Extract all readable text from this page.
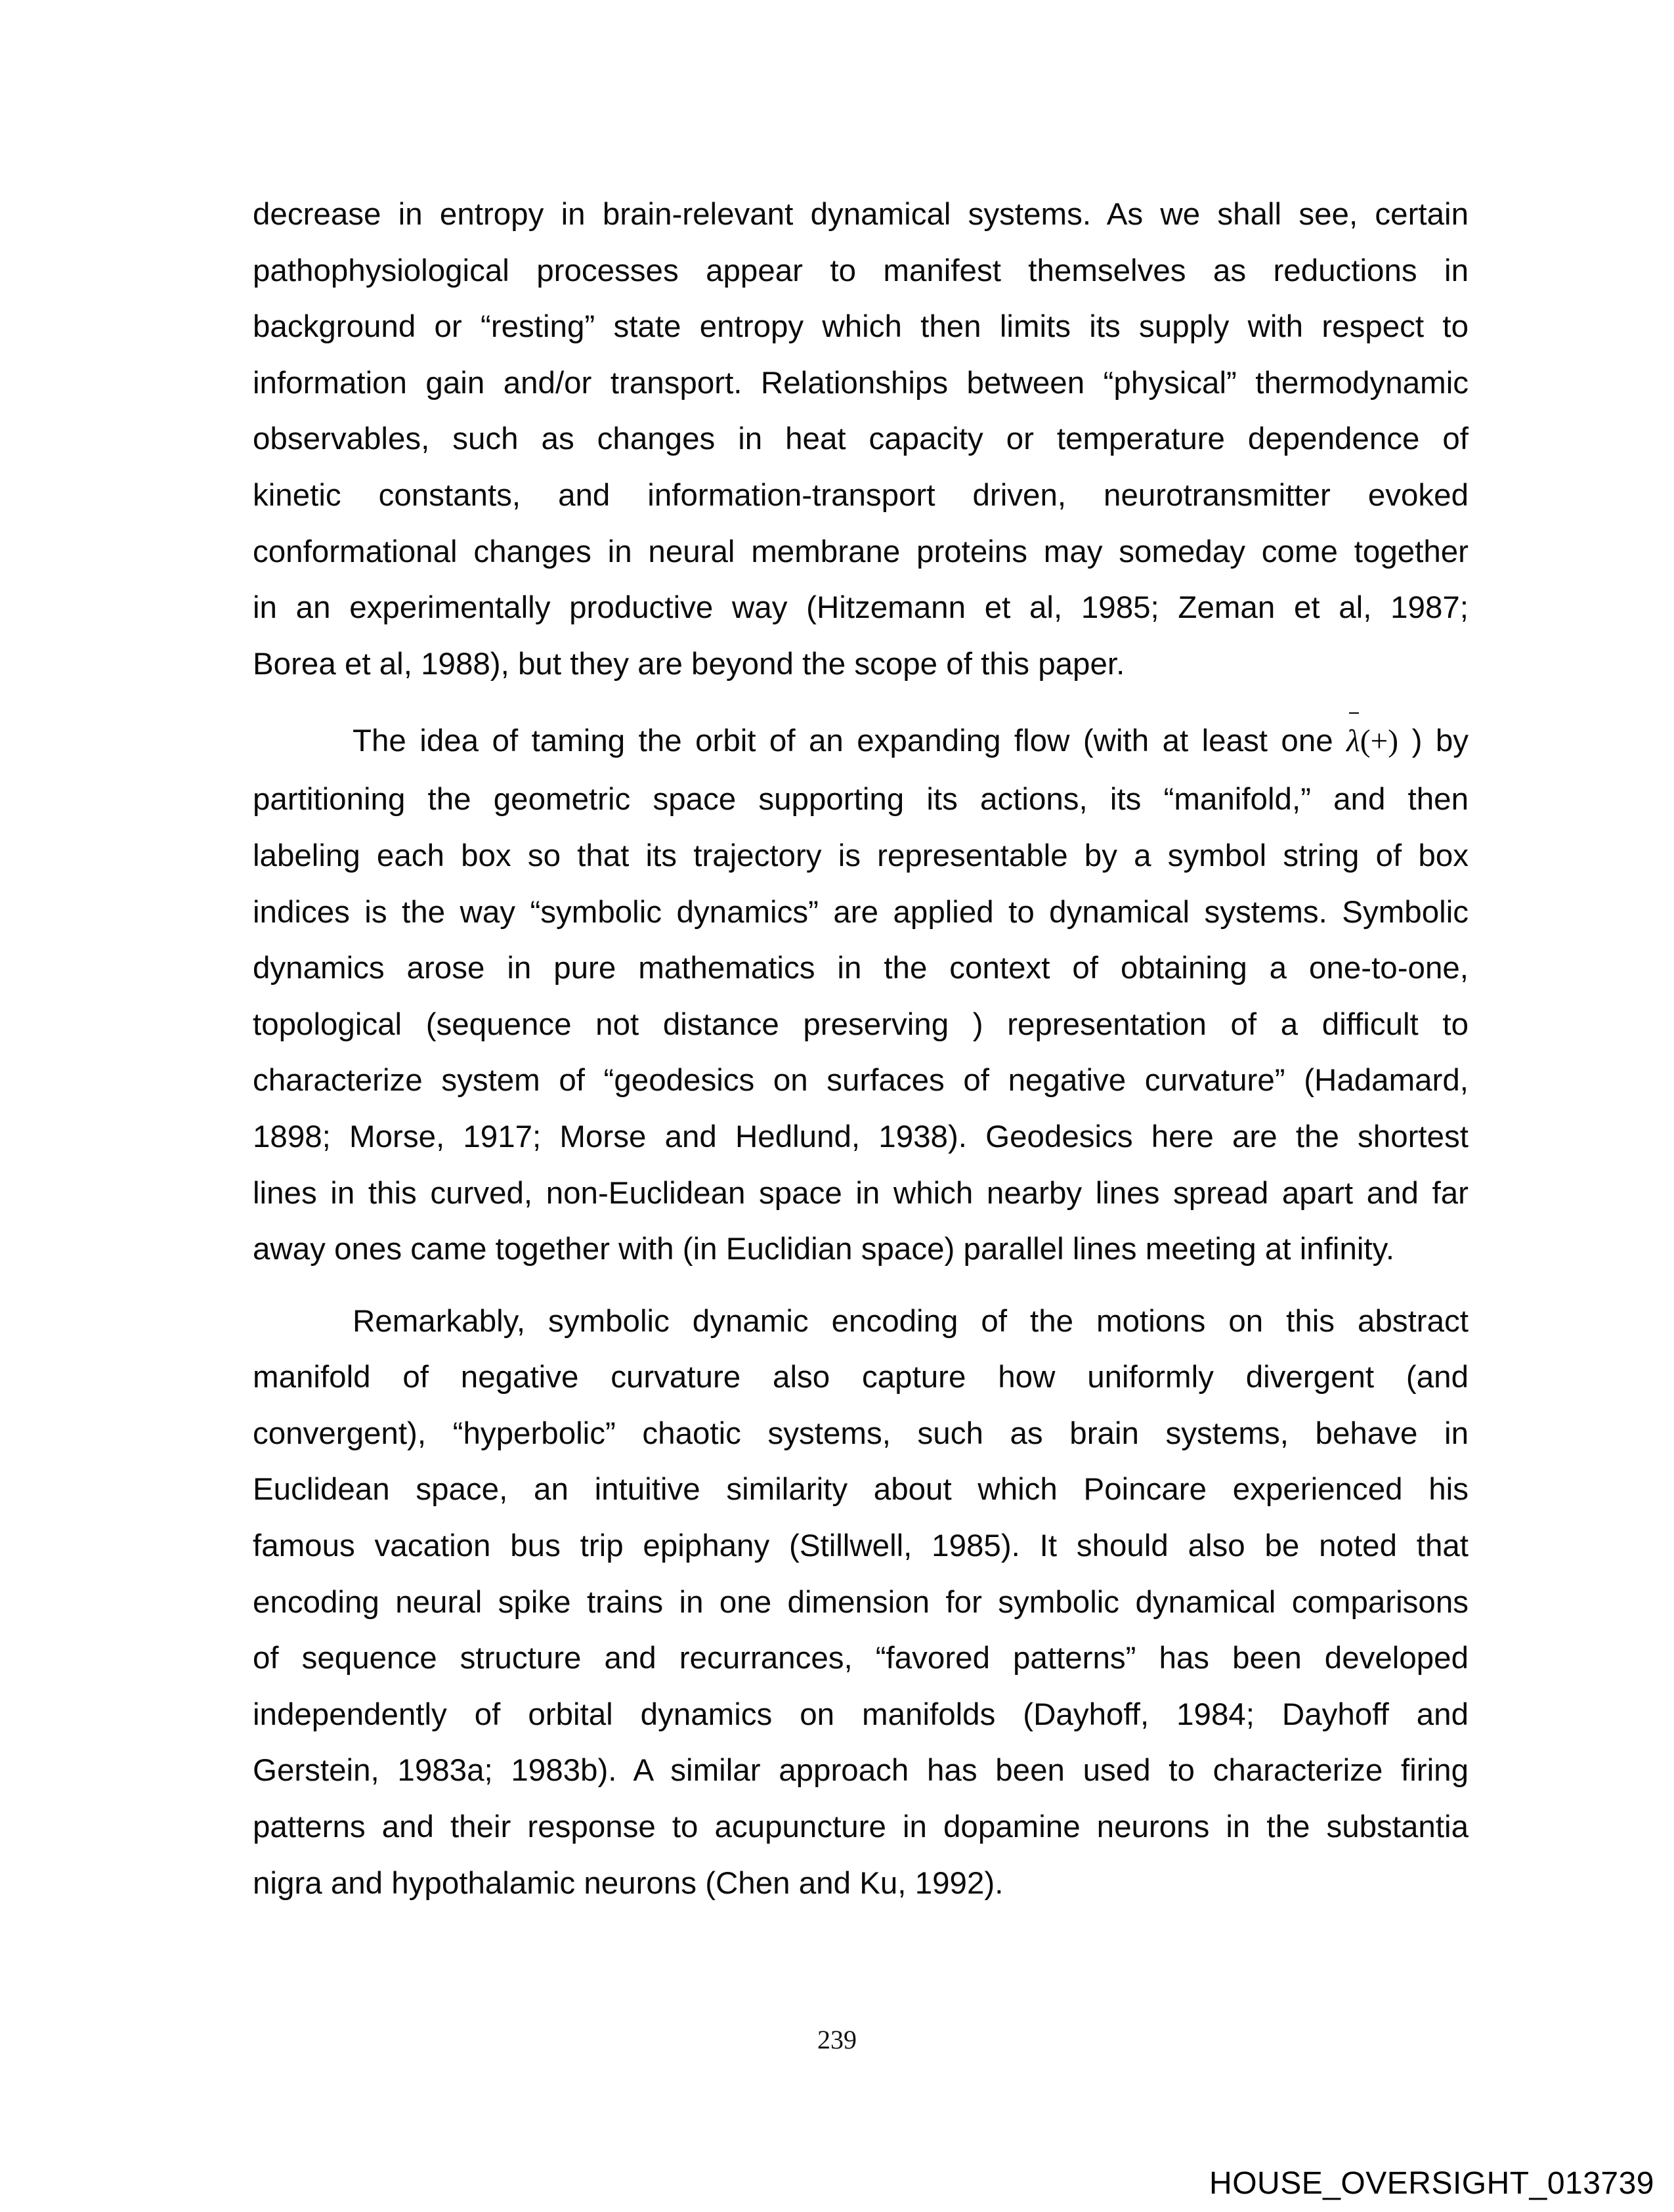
decrease in entropy in brain-relevant dynamical systems. As we shall see, certain
pathophysiological processes appear to manifest themselves as reductions in
background or “resting” state entropy which then limits its supply with respect to
information gain and/or transport. Relationships between “physical” thermodynamic
observables, such as changes in heat capacity or temperature dependence of
kinetic constants, and information-transport driven, neurotransmitter evoked
conformational changes in neural membrane proteins may someday come together
in an experimentally productive way (Hitzemann et al, 1985; Zeman et al, 1987;
Borea et al, 1988), but they are beyond the scope of this paper.
The idea of taming the orbit of an expanding flow (with at least one λ(+) ) by
partitioning the geometric space supporting its actions, its “manifold,” and then
labeling each box so that its trajectory is representable by a symbol string of box
indices is the way “symbolic dynamics” are applied to dynamical systems. Symbolic
dynamics arose in pure mathematics in the context of obtaining a one-to-one,
topological (sequence not distance preserving ) representation of a difficult to
characterize system of “geodesics on surfaces of negative curvature” (Hadamard,
1898; Morse, 1917; Morse and Hedlund, 1938). Geodesics here are the shortest
lines in this curved, non-Euclidean space in which nearby lines spread apart and far
away ones came together with (in Euclidian space) parallel lines meeting at infinity.
Remarkably, symbolic dynamic encoding of the motions on this abstract
manifold of negative curvature also capture how uniformly divergent (and
convergent), “hyperbolic” chaotic systems, such as brain systems, behave in
Euclidean space, an intuitive similarity about which Poincare experienced his
famous vacation bus trip epiphany (Stillwell, 1985). It should also be noted that
encoding neural spike trains in one dimension for symbolic dynamical comparisons
of sequence structure and recurrances, “favored patterns” has been developed
independently of orbital dynamics on manifolds (Dayhoff, 1984; Dayhoff and
Gerstein, 1983a; 1983b). A similar approach has been used to characterize firing
patterns and their response to acupuncture in dopamine neurons in the substantia
nigra and hypothalamic neurons (Chen and Ku, 1992).
239
HOUSE_OVERSIGHT_013739
